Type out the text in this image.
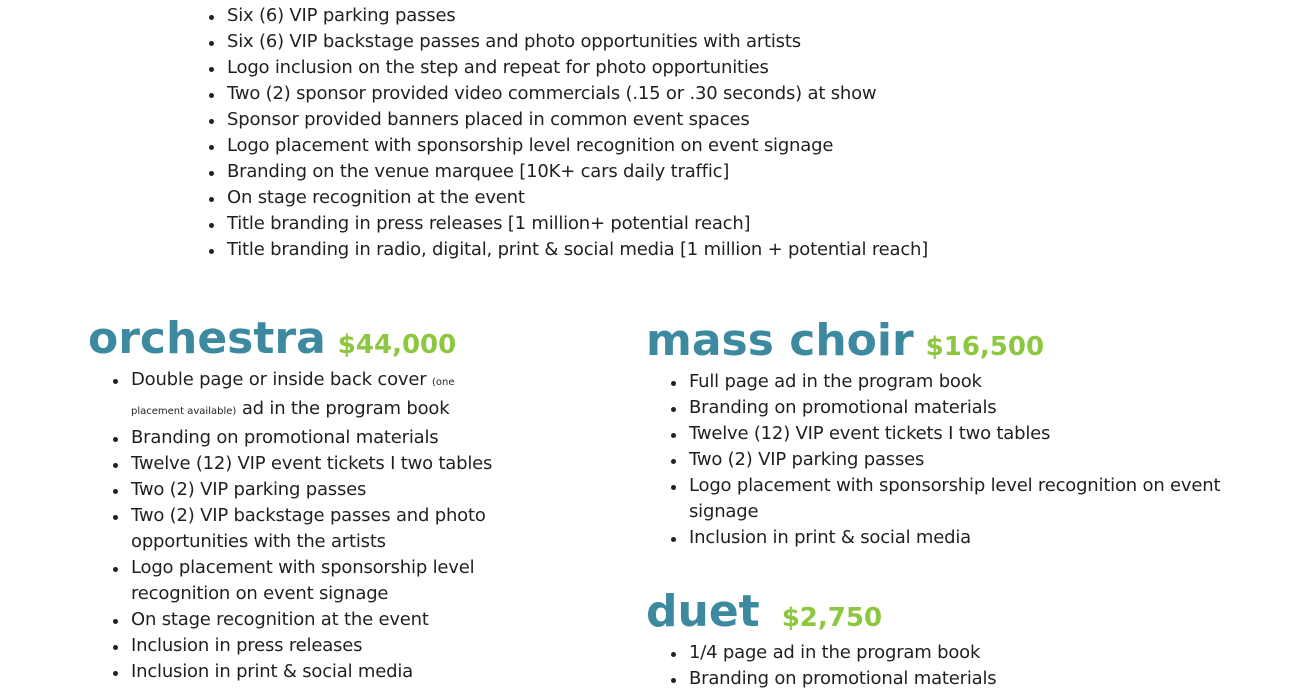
Six (6) VIP parking passes
Six (6) VIP backstage passes and photo opportunities with artists
Logo inclusion on the step and repeat for photo opportunities
Two (2) sponsor provided video commercials (.15 or .30 seconds) at show
Sponsor provided banners placed in common event spaces
Logo placement with sponsorship level recognition on event signage
Branding on the venue marquee [10K+ cars daily traffic]
On stage recognition at the event
Title branding in press releases [1 million+ potential reach]
Title branding in radio, digital, print & social media [1 million + potential reach]
orchestra $44,000
Double page or inside back cover (one
placement available) ad in the program book
Branding on promotional materials
Twelve (12) VIP event tickets I two tables
Two (2) VIP parking passes
Two (2) VIP backstage passes and photo
opportunities with the artists
Logo placement with sponsorship level
recognition on event signage
On stage recognition at the event
Inclusion in press releases
Inclusion in print & social media
mass choir $16,500
Full page ad in the program book
Branding on promotional materials
Twelve (12) VIP event tickets I two tables
Two (2) VIP parking passes
Logo placement with sponsorship level recognition on event
signage
Inclusion in print & social media
duet $2,750
1/4 page ad in the program book
Branding on promotional materials
